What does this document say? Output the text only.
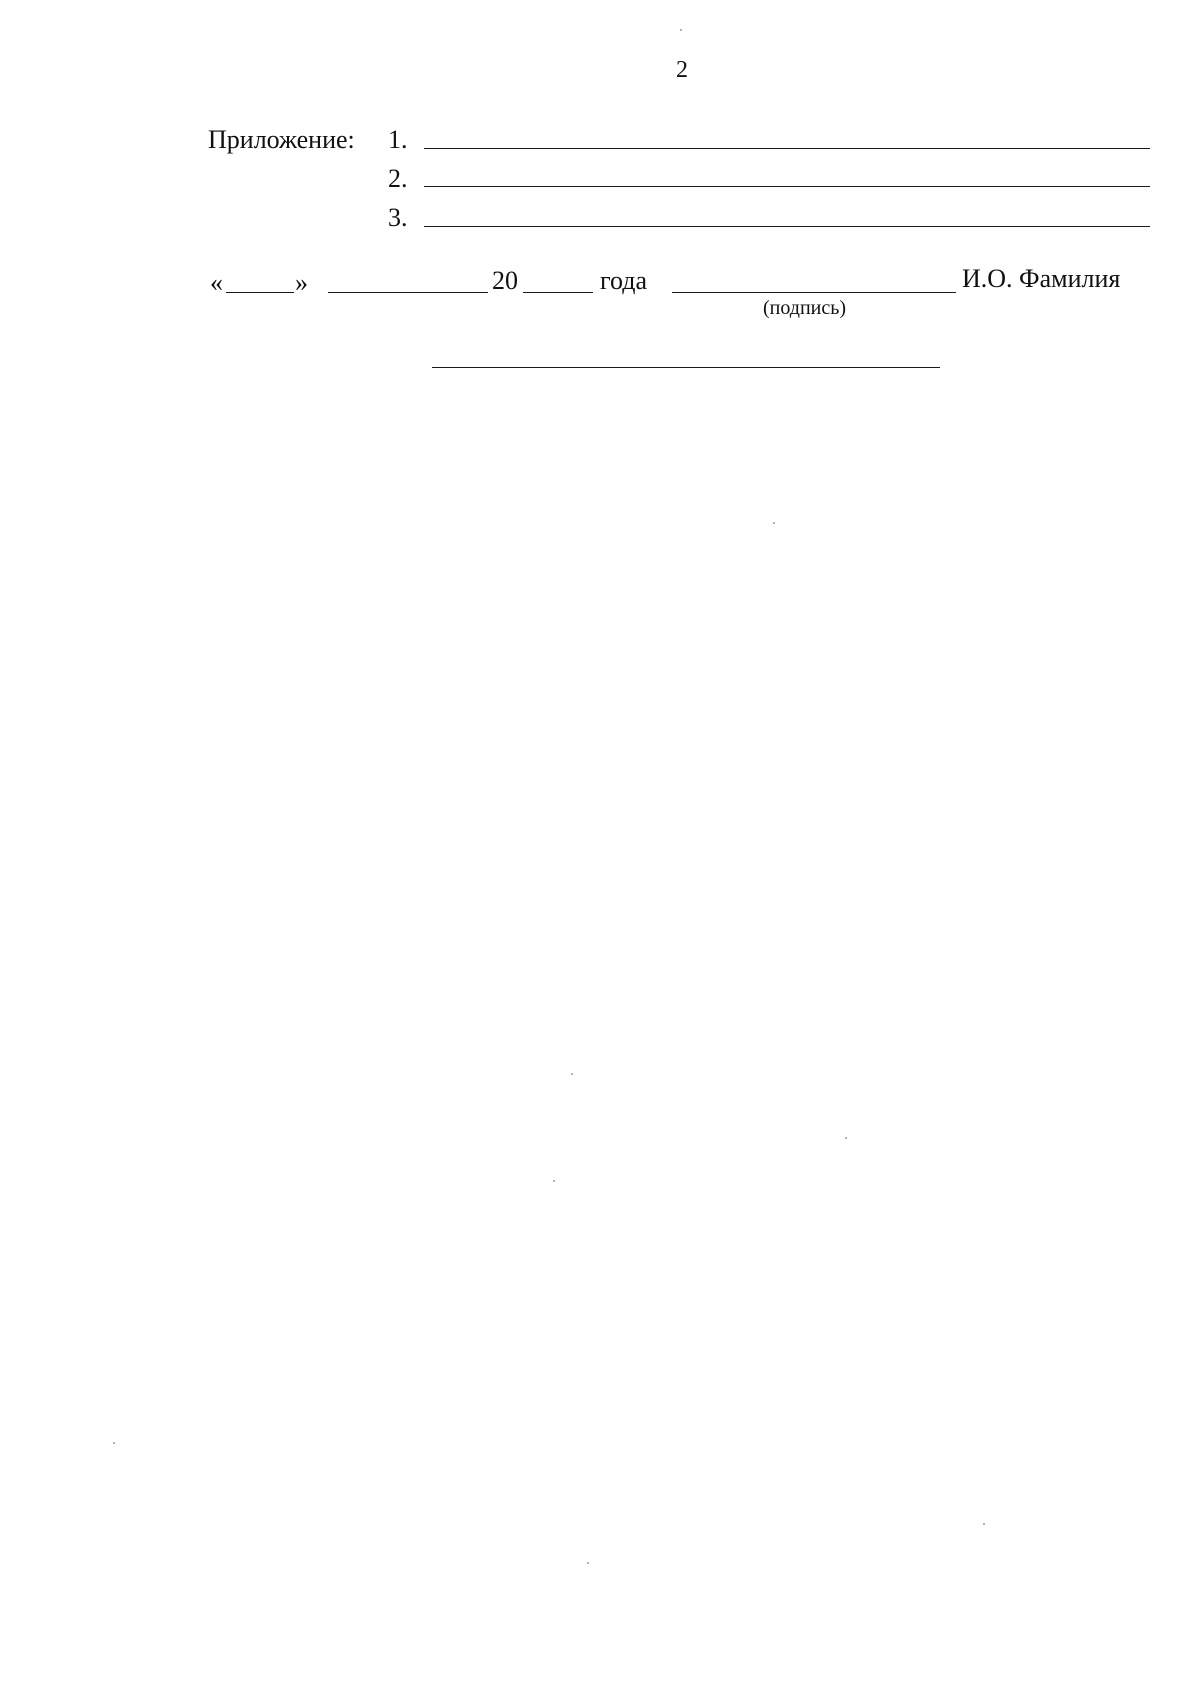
2
Приложение: 1.
2.
3.
«	»	20	года
(подпись)
И.О. Фамилия
